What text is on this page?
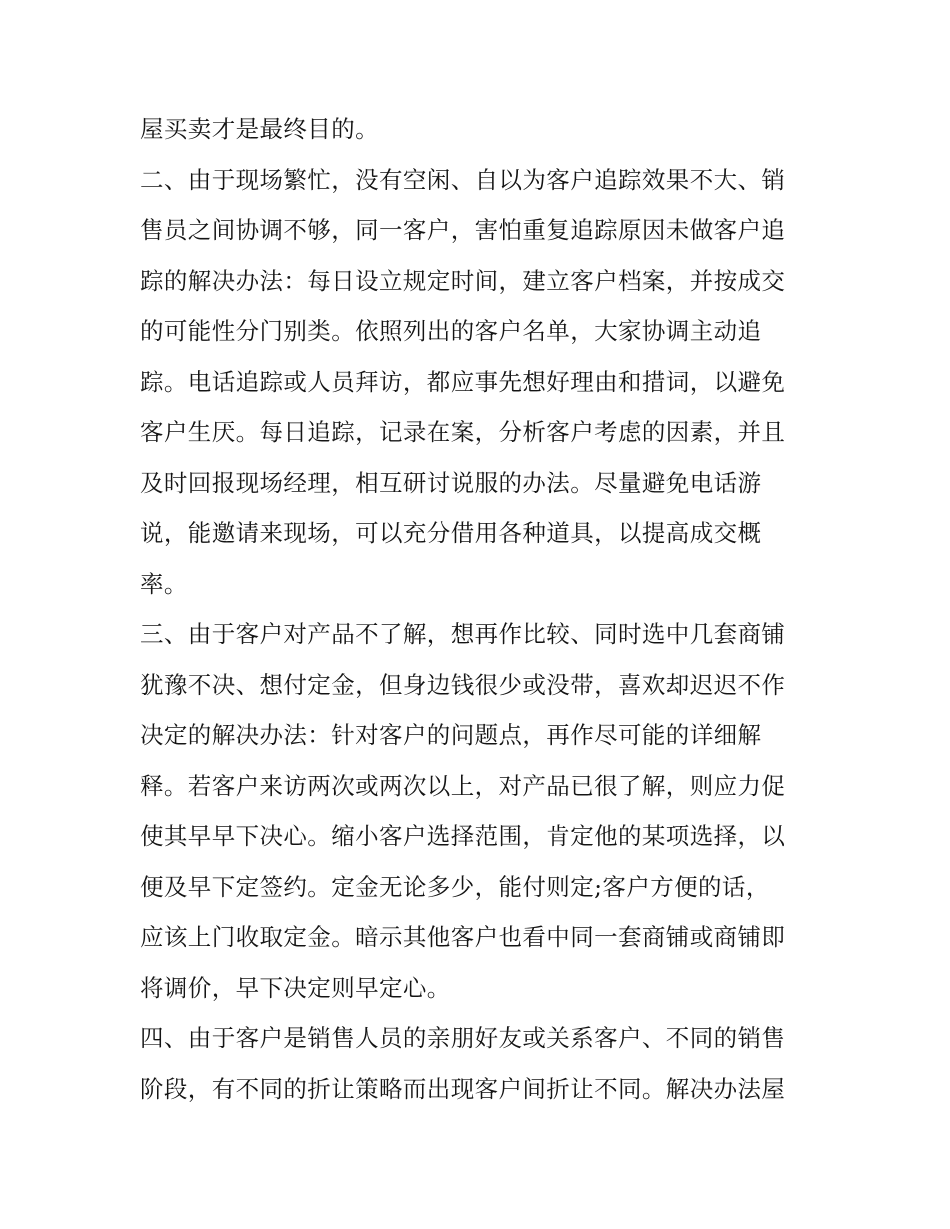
屋买卖才是最终目的。
二、由于现场繁忙，没有空闲、自以为客户追踪效果不大、销
售员之间协调不够，同一客户，害怕重复追踪原因未做客户追
踪的解决办法：每日设立规定时间，建立客户档案，并按成交
的可能性分门别类。依照列出的客户名单，大家协调主动追
踪。电话追踪或人员拜访，都应事先想好理由和措词，以避免
客户生厌。每日追踪，记录在案，分析客户考虑的因素，并且
及时回报现场经理，相互研讨说服的办法。尽量避免电话游
说，能邀请来现场，可以充分借用各种道具，以提高成交概
率。
三、由于客户对产品不了解，想再作比较、同时选中几套商铺
犹豫不决、想付定金，但身边钱很少或没带，喜欢却迟迟不作
决定的解决办法：针对客户的问题点，再作尽可能的详细解
释。若客户来访两次或两次以上，对产品已很了解，则应力促
使其早早下决心。缩小客户选择范围，肯定他的某项选择，以
便及早下定签约。定金无论多少，能付则定;客户方便的话，
应该上门收取定金。暗示其他客户也看中同一套商铺或商铺即
将调价，早下决定则早定心。
四、由于客户是销售人员的亲朋好友或关系客户、不同的销售
阶段，有不同的折让策略而出现客户间折让不同。解决办法屋
